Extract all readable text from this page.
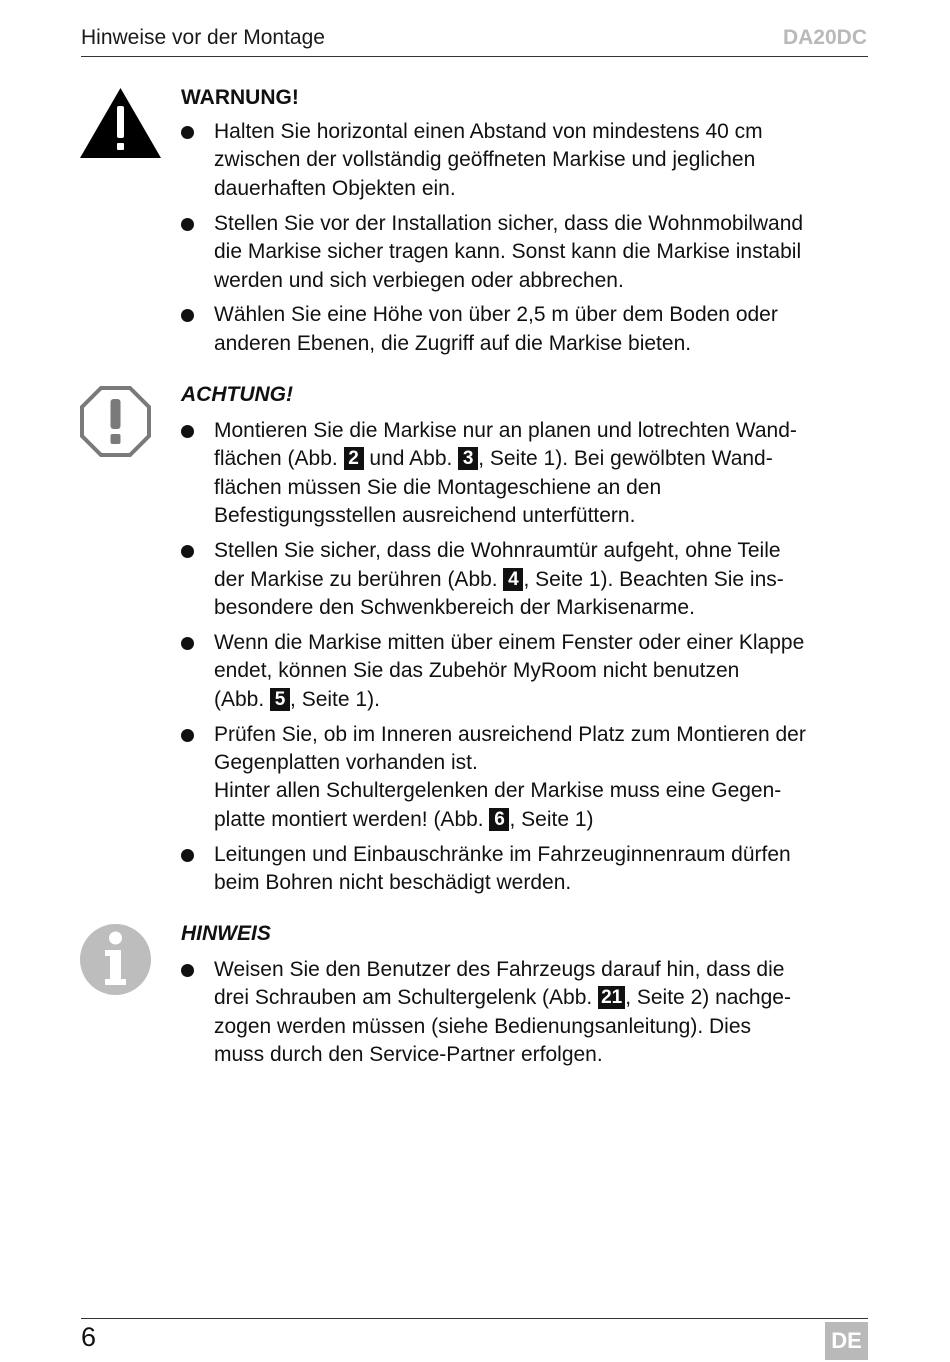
Hinweise vor der Montage	DA20DC
WARNUNG!
Halten Sie horizontal einen Abstand von mindestens 40 cm
zwischen der vollständig geöffneten Markise und jeglichen
dauerhaften Objekten ein.
Stellen Sie vor der Installation sicher, dass die Wohnmobilwand
die Markise sicher tragen kann. Sonst kann die Markise instabil
werden und sich verbiegen oder abbrechen.
Wählen Sie eine Höhe von über 2,5 m über dem Boden oder
anderen Ebenen, die Zugriff auf die Markise bieten.
ACHTUNG!
Montieren Sie die Markise nur an planen und lotrechten Wand-
flächen (Abb. 2 und Abb. 3 , Seite 1). Bei gewölbten Wand-
flächen müssen Sie die Montageschiene an den
Befestigungsstellen ausreichend unterfüttern.
Stellen Sie sicher, dass die Wohnraumtür aufgeht, ohne Teile
der Markise zu berühren (Abb. 4 , Seite 1). Beachten Sie ins-
besondere den Schwenkbereich der Markisenarme.
Wenn die Markise mitten über einem Fenster oder einer Klappe
endet, können Sie das Zubehör MyRoom nicht benutzen
(Abb. 5 , Seite 1).
Prüfen Sie, ob im Inneren ausreichend Platz zum Montieren der
Gegenplatten vorhanden ist.
Hinter allen Schultergelenken der Markise muss eine Gegen-
platte montiert werden! (Abb. 6 , Seite 1)
Leitungen und Einbauschränke im Fahrzeuginnenraum dürfen
beim Bohren nicht beschädigt werden.
HINWEIS
Weisen Sie den Benutzer des Fahrzeugs darauf hin, dass die
drei Schrauben am Schultergelenk (Abb. 21 , Seite 2) nachge-
zogen werden müssen (siehe Bedienungsanleitung). Dies
muss durch den Service-Partner erfolgen.
6	DE
